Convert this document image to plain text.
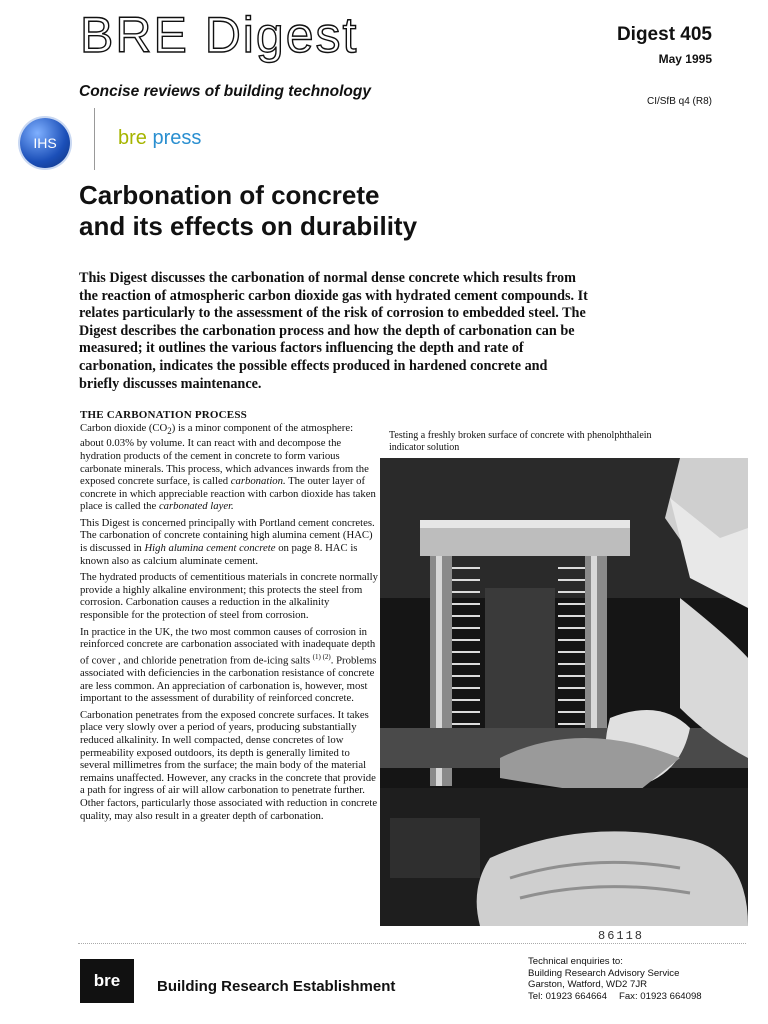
BRE Digest	Digest 405
May 1995
CI/SfB q4 (R8)
Concise reviews of building technology
IHS	bre press
Carbonation of concrete
and its effects on durability
This Digest discusses the carbonation of normal dense concrete which results from the reaction of atmospheric carbon dioxide gas with hydrated cement compounds. It relates particularly to the assessment of the risk of corrosion to embedded steel. The Digest describes the carbonation process and how the depth of carbonation can be measured; it outlines the various factors influencing the depth and rate of carbonation, indicates the possible effects produced in hardened concrete and briefly discusses maintenance.
THE CARBONATION PROCESS

Carbon dioxide $(CO_2)$ is a minor component of the atmosphere: about 0.03% by volume. It can react with and decompose the hydration products of the cement in concrete to form various carbonate minerals. This process, which advances inwards from the exposed concrete surface, is called carbonation. The outer layer of concrete in which appreciable reaction with carbon dioxide has taken place is called the carbonated layer.

This Digest is concerned principally with Portland cement concretes. The carbonation of concrete containing high alumina cement (HAC) is discussed in High alumina cement concrete on page 8. HAC is known also as calcium aluminate cement.

The hydrated products of cementitious materials in concrete normally provide a highly alkaline environment; this protects the steel from corrosion. Carbonation causes a reduction in the alkalinity responsible for the protection of steel from corrosion.

In practice in the UK, the two most common causes of corrosion in reinforced concrete are carbonation associated with inadequate depth of cover , and chloride penetration from de-icing salts $^{(1) (2)}$. Problems associated with deficiencies in the carbonation resistance of concrete are less common. An appreciation of carbonation is, however, most important to the assessment of durability of reinforced concrete.

Carbonation penetrates from the exposed concrete surfaces. It takes place very slowly over a period of years, producing substantially reduced alkalinity. In well compacted, dense concretes of low permeability exposed outdoors, its depth is generally limited to several millimetres from the surface; the main body of the material remains unaffected. However, any cracks in the concrete that provide a path for ingress of air will allow carbonation to penetrate further. Other factors, particularly those associated with reduction in concrete quality, may also result in a greater depth of carbonation.

Testing a freshly broken surface of concrete with phenolphthalein indicator solution
86118
bre	Building Research Establishment
Technical enquiries to:
Building Research Advisory Service
Garston, Watford, WD2 7JR
Tel: 01923 664664 Fax: 01923 664098
